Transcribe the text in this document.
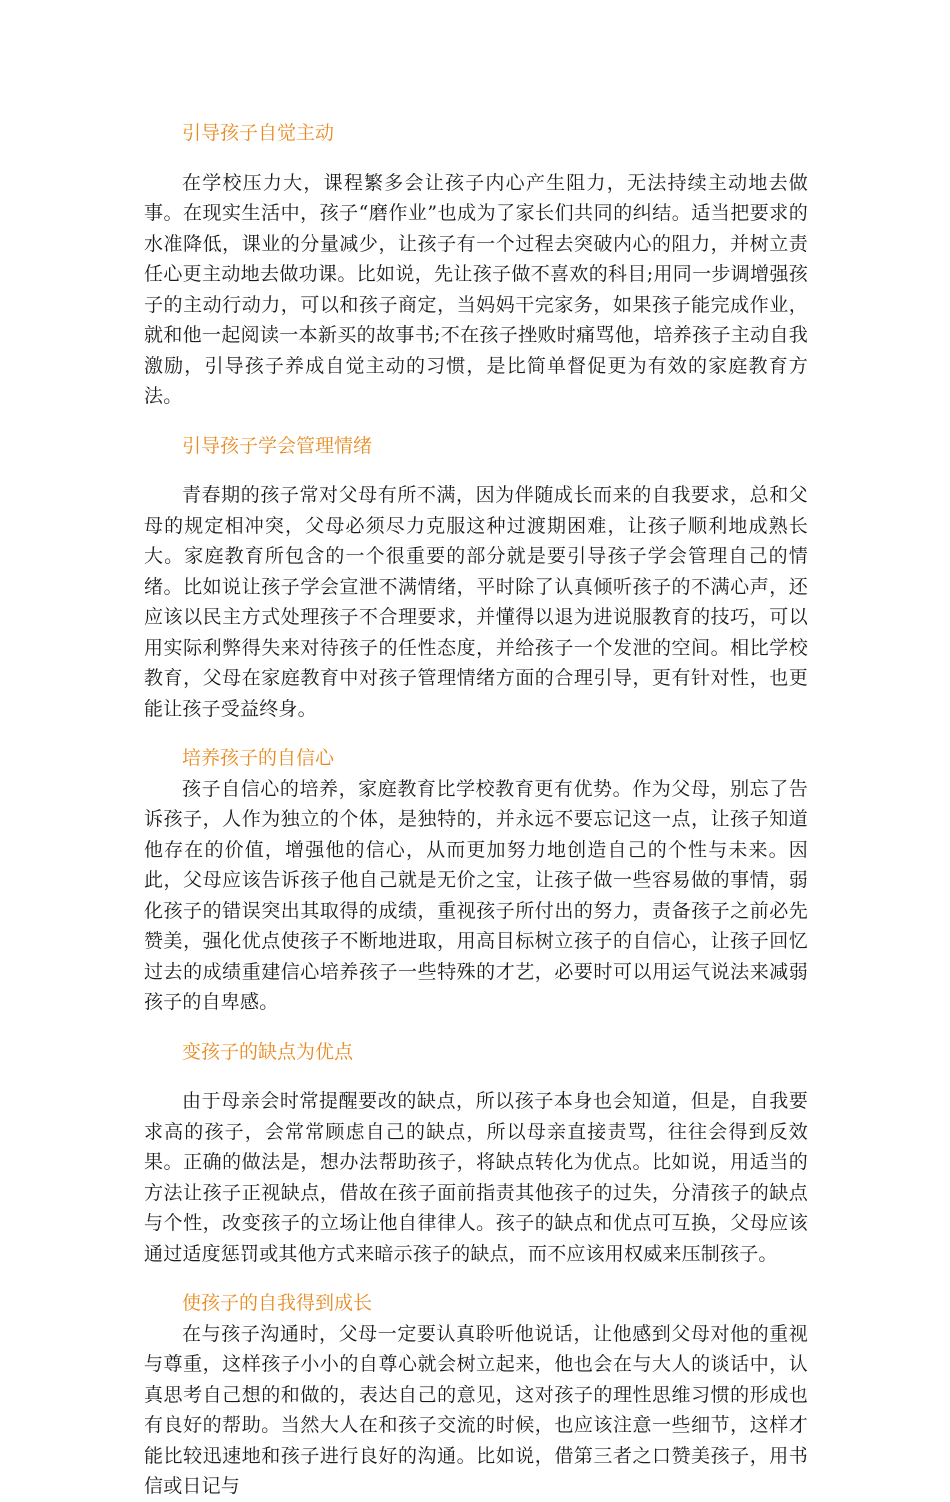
引导孩子自觉主动

在学校压力大，课程繁多会让孩子内心产生阻力，无法持续主动地去做事。在现实生活中，孩子“磨作业”也成为了家长们共同的纠结。适当把要求的水准降低，课业的分量减少，让孩子有一个过程去突破内心的阻力，并树立责任心更主动地去做功课。比如说，先让孩子做不喜欢的科目;用同一步调增强孩子的主动行动力，可以和孩子商定，当妈妈干完家务，如果孩子能完成作业，就和他一起阅读一本新买的故事书;不在孩子挫败时痛骂他，培养孩子主动自我激励，引导孩子养成自觉主动的习惯，是比简单督促更为有效的家庭教育方法。

引导孩子学会管理情绪

青春期的孩子常对父母有所不满，因为伴随成长而来的自我要求，总和父母的规定相冲突，父母必须尽力克服这种过渡期困难，让孩子顺利地成熟长大。家庭教育所包含的一个很重要的部分就是要引导孩子学会管理自己的情绪。比如说让孩子学会宣泄不满情绪，平时除了认真倾听孩子的不满心声，还应该以民主方式处理孩子不合理要求，并懂得以退为进说服教育的技巧，可以用实际利弊得失来对待孩子的任性态度，并给孩子一个发泄的空间。相比学校教育，父母在家庭教育中对孩子管理情绪方面的合理引导，更有针对性，也更能让孩子受益终身。

培养孩子的自信心

孩子自信心的培养，家庭教育比学校教育更有优势。作为父母，别忘了告诉孩子，人作为独立的个体，是独特的，并永远不要忘记这一点，让孩子知道他存在的价值，增强他的信心，从而更加努力地创造自己的个性与未来。因此，父母应该告诉孩子他自己就是无价之宝，让孩子做一些容易做的事情，弱化孩子的错误突出其取得的成绩，重视孩子所付出的努力，责备孩子之前必先赞美，强化优点使孩子不断地进取，用高目标树立孩子的自信心，让孩子回忆过去的成绩重建信心培养孩子一些特殊的才艺，必要时可以用运气说法来减弱孩子的自卑感。

变孩子的缺点为优点

由于母亲会时常提醒要改的缺点，所以孩子本身也会知道，但是，自我要求高的孩子，会常常顾虑自己的缺点，所以母亲直接责骂，往往会得到反效果。正确的做法是，想办法帮助孩子，将缺点转化为优点。比如说，用适当的方法让孩子正视缺点，借故在孩子面前指责其他孩子的过失，分清孩子的缺点与个性，改变孩子的立场让他自律律人。孩子的缺点和优点可互换，父母应该通过适度惩罚或其他方式来暗示孩子的缺点，而不应该用权威来压制孩子。

使孩子的自我得到成长

在与孩子沟通时，父母一定要认真聆听他说话，让他感到父母对他的重视与尊重，这样孩子小小的自尊心就会树立起来，他也会在与大人的谈话中，认真思考自己想的和做的，表达自己的意见，这对孩子的理性思维习惯的形成也有良好的帮助。当然大人在和孩子交流的时候，也应该注意一些细节，这样才能比较迅速地和孩子进行良好的沟通。比如说，借第三者之口赞美孩子，用书信或日记与
